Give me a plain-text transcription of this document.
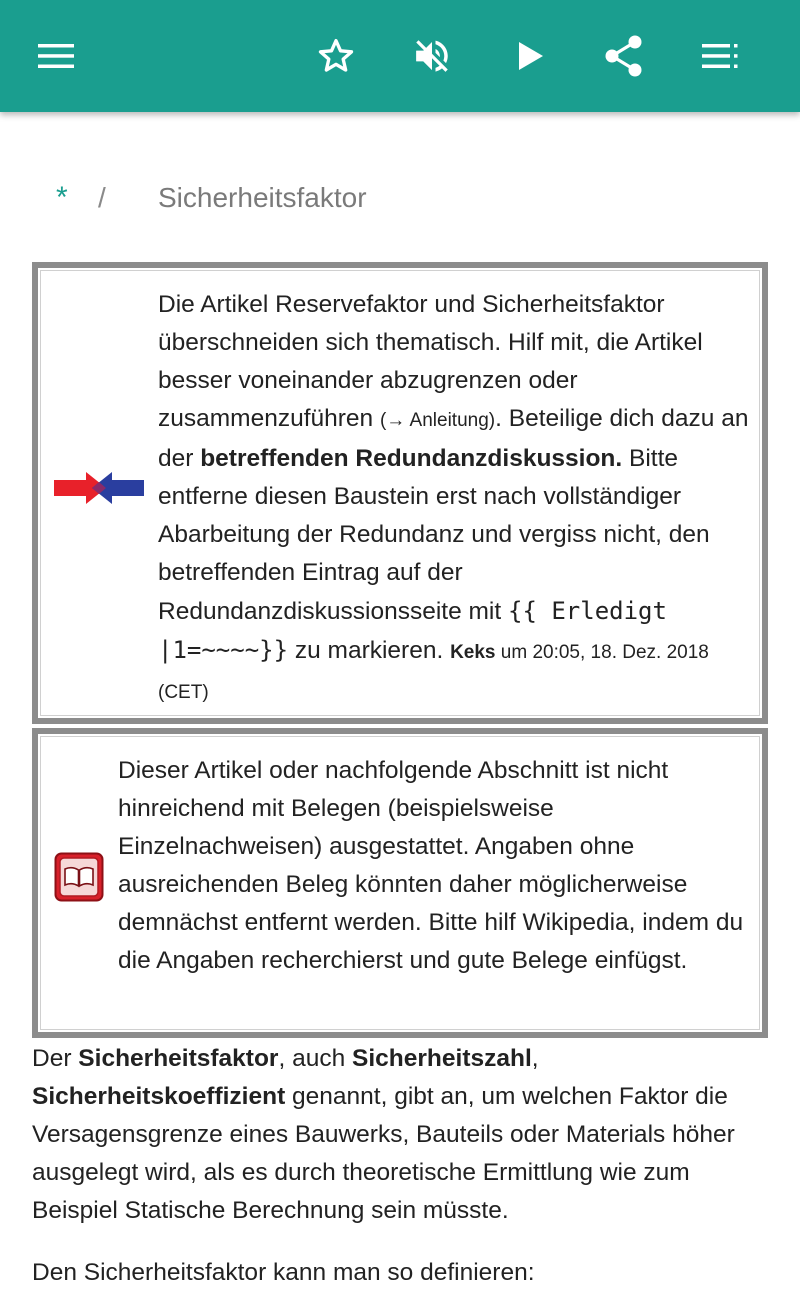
*	/	Sicherheitsfaktor
Die Artikel Reservefaktor und Sicherheitsfaktor überschneiden sich thematisch. Hilf mit, die Artikel besser voneinander abzugrenzen oder zusammenzuführen (→ Anleitung). Beteilige dich dazu an der betreffenden Redundanzdiskussion. Bitte entferne diesen Baustein erst nach vollständiger Abarbeitung der Redundanz und vergiss nicht, den betreffenden Eintrag auf der Redundanzdiskussionsseite mit {{ Erledigt |1=~~~~}} zu markieren. Keks um 20:05, 18. Dez. 2018 (CET)
Dieser Artikel oder nachfolgende Abschnitt ist nicht hinreichend mit Belegen (beispielsweise Einzelnachweisen) ausgestattet. Angaben ohne ausreichenden Beleg könnten daher möglicherweise demnächst entfernt werden. Bitte hilf Wikipedia, indem du die Angaben recherchierst und gute Belege einfügst.

Der Sicherheitsfaktor, auch Sicherheitszahl, Sicherheitskoeffizient genannt, gibt an, um welchen Faktor die Versagensgrenze eines Bauwerks, Bauteils oder Materials höher ausgelegt wird, als es durch theoretische Ermittlung wie zum Beispiel Statische Berechnung sein müsste.

Den Sicherheitsfaktor kann man so definieren:
